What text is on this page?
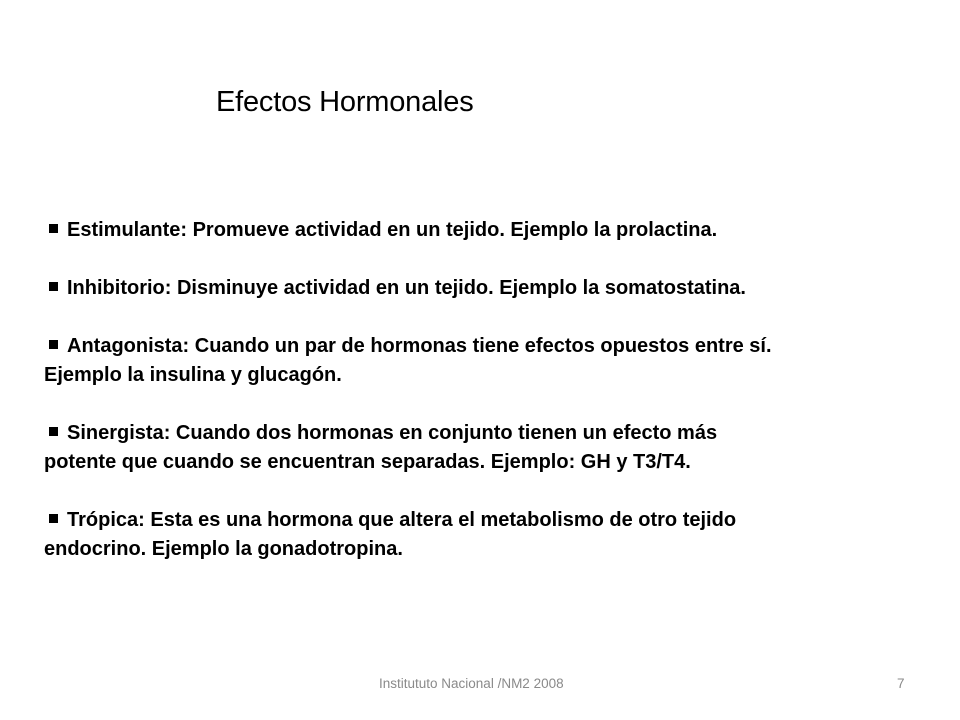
Efectos Hormonales
Estimulante: Promueve actividad en un tejido. Ejemplo la prolactina.
Inhibitorio: Disminuye actividad en un tejido. Ejemplo la somatostatina.
Antagonista: Cuando un par de hormonas tiene efectos opuestos entre sí.
Ejemplo la insulina y glucagón.
Sinergista: Cuando dos hormonas en conjunto tienen un efecto más
potente que cuando se encuentran separadas. Ejemplo: GH y T3/T4.
Trópica: Esta es una hormona que altera el metabolismo de otro tejido
endocrino. Ejemplo la gonadotropina.
Institututo Nacional /NM2 2008	7
